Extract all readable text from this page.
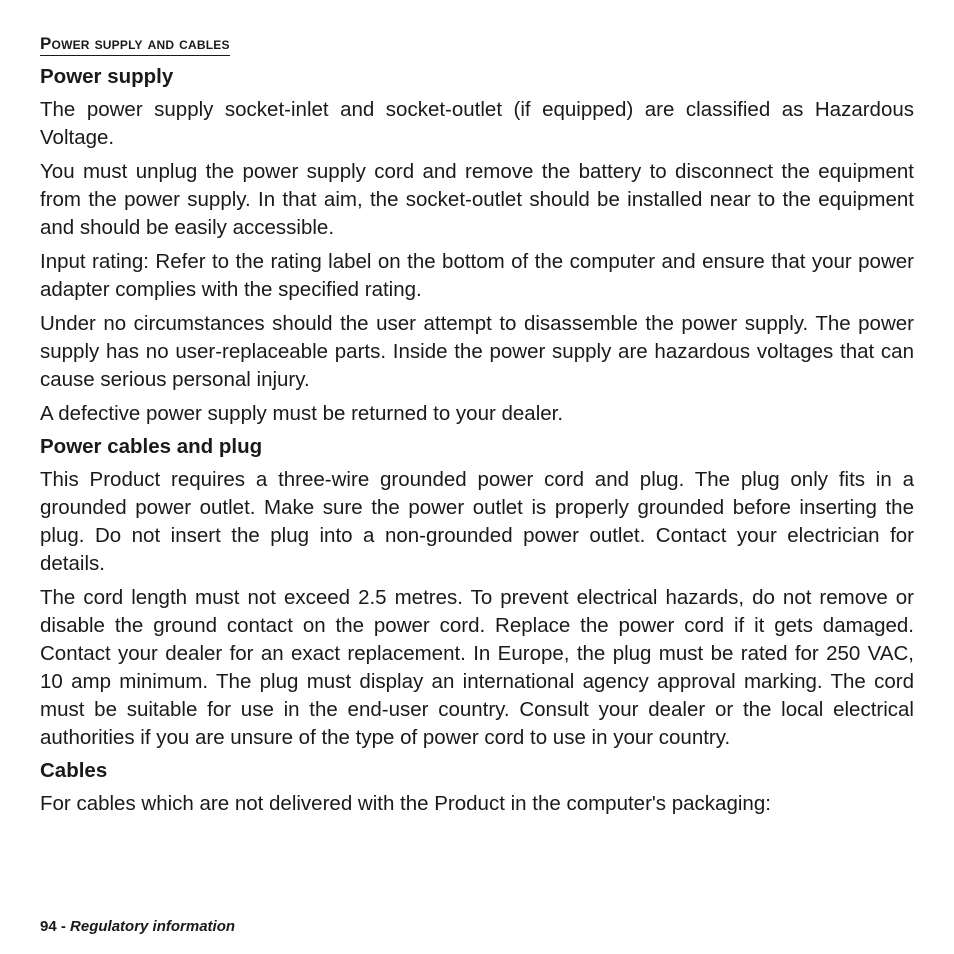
Power supply and cables
Power supply

The power supply socket-inlet and socket-outlet (if equipped) are classified as Hazardous Voltage.

You must unplug the power supply cord and remove the battery to disconnect the equipment from the power supply. In that aim, the socket-outlet should be installed near to the equipment and should be easily accessible.

Input rating: Refer to the rating label on the bottom of the computer and ensure that your power adapter complies with the specified rating.

Under no circumstances should the user attempt to disassemble the power supply. The power supply has no user-replaceable parts. Inside the power supply are hazardous voltages that can cause serious personal injury.

A defective power supply must be returned to your dealer.

Power cables and plug

This Product requires a three-wire grounded power cord and plug. The plug only fits in a grounded power outlet. Make sure the power outlet is properly grounded before inserting the plug. Do not insert the plug into a non-grounded power outlet. Contact your electrician for details.

The cord length must not exceed 2.5 metres. To prevent electrical hazards, do not remove or disable the ground contact on the power cord. Replace the power cord if it gets damaged. Contact your dealer for an exact replacement. In Europe, the plug must be rated for 250 VAC, 10 amp minimum. The plug must display an international agency approval marking. The cord must be suitable for use in the end-user country. Consult your dealer or the local electrical authorities if you are unsure of the type of power cord to use in your country.

Cables

For cables which are not delivered with the Product in the computer's packaging:

94 - Regulatory information
